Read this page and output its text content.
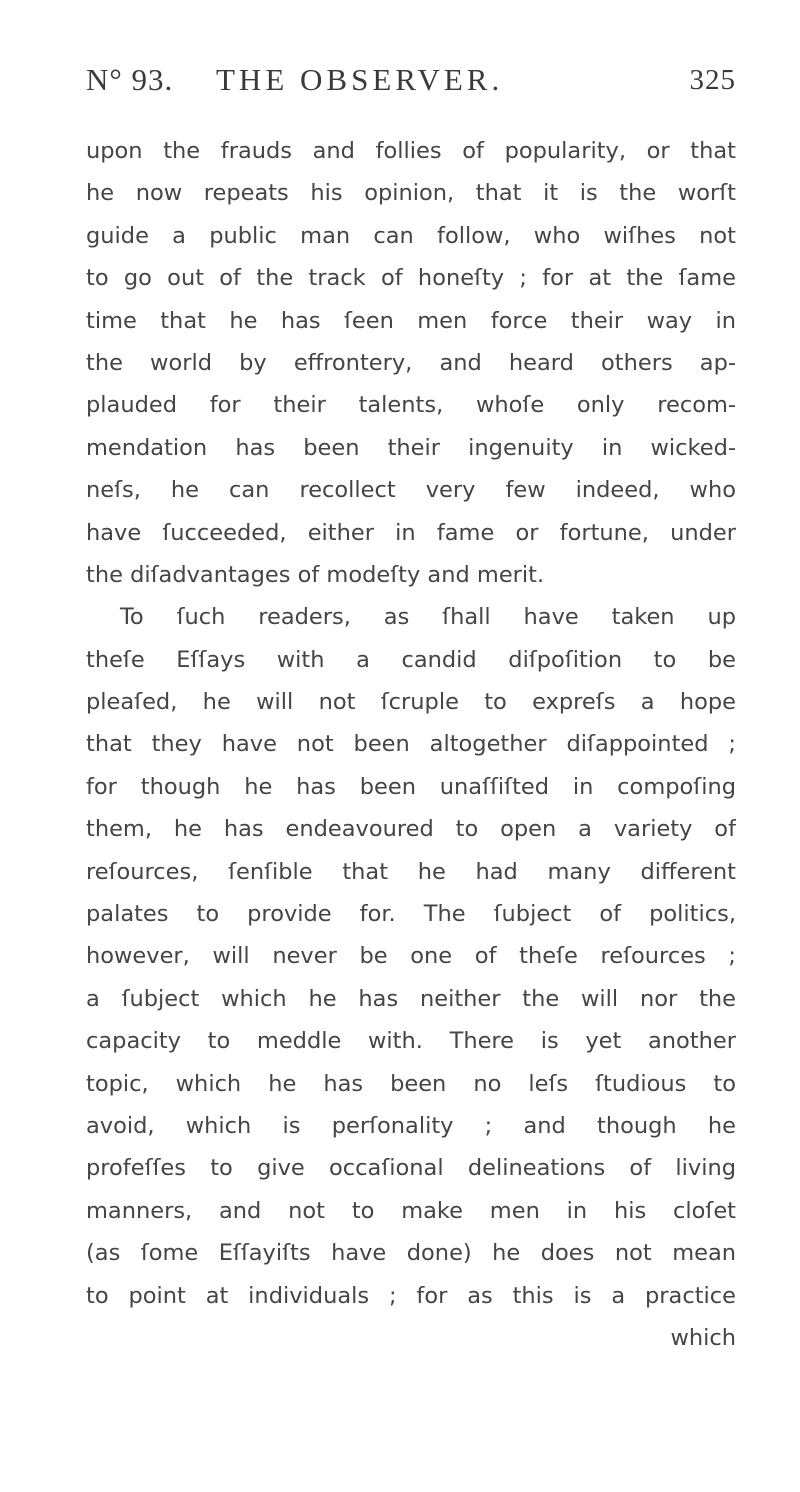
N° 93. THE OBSERVER.	325
upon the frauds and follies of popularity, or that
he now repeats his opinion, that it is the worſt
guide a public man can follow, who wiſhes not
to go out of the track of honeſty ; for at the ſame
time that he has ſeen men force their way in
the world by effrontery, and heard others ap-
plauded for their talents, whoſe only recom-
mendation has been their ingenuity in wicked-
neſs, he can recollect very few indeed, who
have ſucceeded, either in fame or fortune, under
the diſadvantages of modeſty and merit.
To ſuch readers, as ſhall have taken up
theſe Eſſays with a candid diſpoſition to be
pleaſed, he will not ſcruple to expreſs a hope
that they have not been altogether diſappointed ;
for though he has been unaſſiſted in compoſing
them, he has endeavoured to open a variety of
reſources, ſenſible that he had many different
palates to provide for. The ſubject of politics,
however, will never be one of theſe reſources ;
a ſubject which he has neither the will nor the
capacity to meddle with. There is yet another
topic, which he has been no leſs ſtudious to
avoid, which is perſonality ; and though he
profeſſes to give occaſional delineations of living
manners, and not to make men in his cloſet
(as ſome Eſſayiſts have done) he does not mean
to point at individuals ; for as this is a practice
which
